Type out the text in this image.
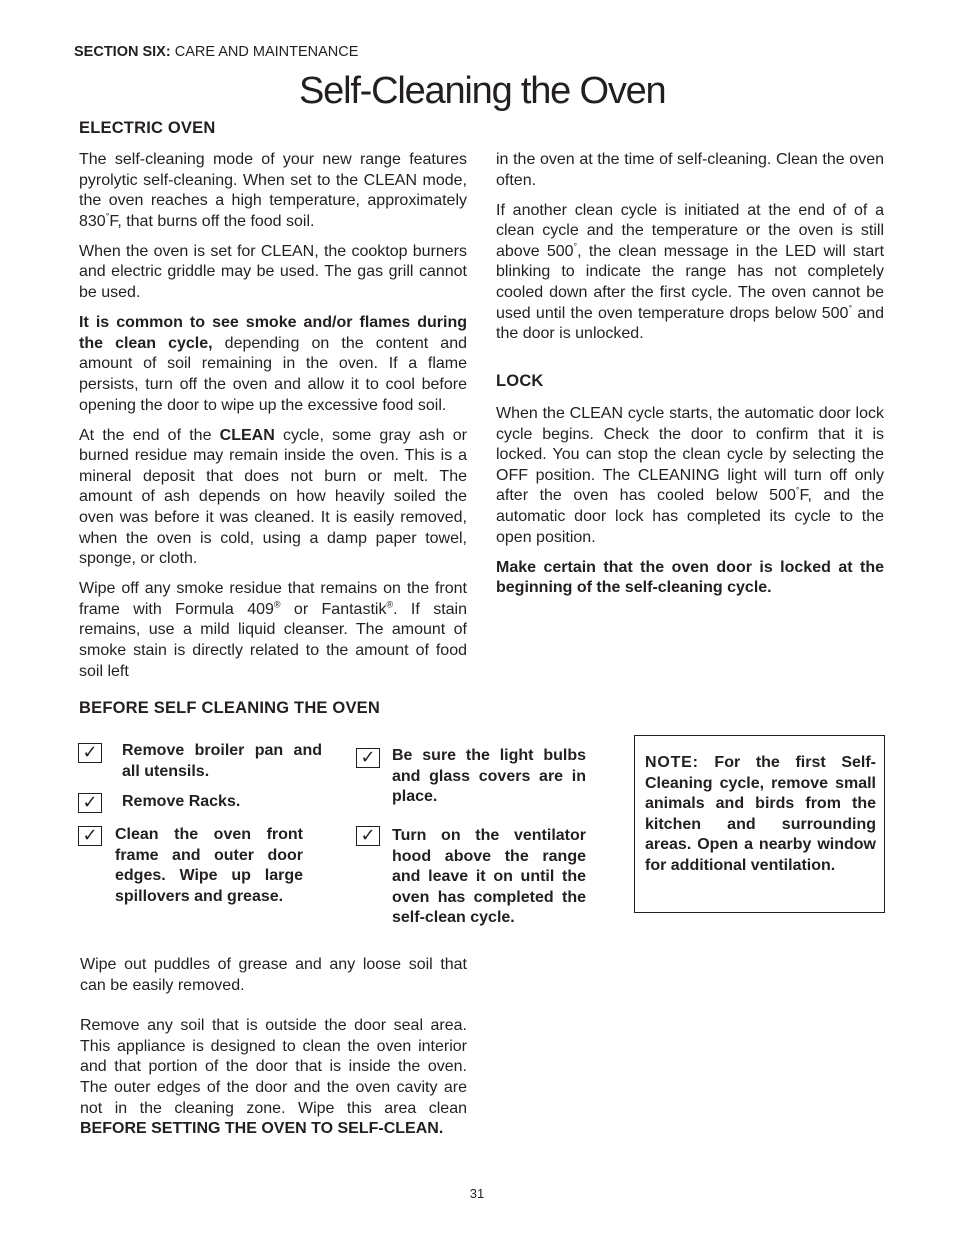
SECTION SIX: CARE AND MAINTENANCE
Self-Cleaning the Oven
ELECTRIC OVEN

The self-cleaning mode of your new range features pyrolytic self-cleaning. When set to the CLEAN mode, the oven reaches a high temperature, approximately 830°F, that burns off the food soil.

When the oven is set for CLEAN, the cooktop burners and electric griddle may be used. The gas grill cannot be used.

It is common to see smoke and/or flames during the clean cycle, depending on the content and amount of soil remaining in the oven. If a flame persists, turn off the oven and allow it to cool before opening the door to wipe up the excessive food soil.

At the end of the CLEAN cycle, some gray ash or burned residue may remain inside the oven. This is a mineral deposit that does not burn or melt. The amount of ash depends on how heavily soiled the oven was before it was cleaned. It is easily removed, when the oven is cold, using a damp paper towel, sponge, or cloth.

Wipe off any smoke residue that remains on the front frame with Formula 409® or Fantastik®. If stain remains, use a mild liquid cleanser. The amount of smoke stain is directly related to the amount of food soil left

in the oven at the time of self-cleaning. Clean the oven often.

If another clean cycle is initiated at the end of of a clean cycle and the temperature or the oven is still above 500°, the clean message in the LED will start blinking to indicate the range has not completely cooled down after the first cycle. The oven cannot be used until the oven temperature drops below 500° and the door is unlocked.

LOCK

When the CLEAN cycle starts, the automatic door lock cycle begins. Check the door to confirm that it is locked. You can stop the clean cycle by selecting the OFF position. The CLEANING light will turn off only after the oven has cooled below 500°F, and the automatic door lock has completed its cycle to the open position.

Make certain that the oven door is locked at the beginning of the self-cleaning cycle.

BEFORE SELF CLEANING THE OVEN
✓ Remove broiler pan and all utensils.
✓ Remove Racks.
✓ Clean the oven front frame and outer door edges. Wipe up large spillovers and grease.
✓ Be sure the light bulbs and glass covers are in place.
✓ Turn on the ventilator hood above the range and leave it on until the oven has completed the self-clean cycle.
NOTE: For the first Self-Cleaning cycle, remove small animals and birds from the kitchen and surrounding areas. Open a nearby window for additional ventilation.

Wipe out puddles of grease and any loose soil that can be easily removed.

Remove any soil that is outside the door seal area. This appliance is designed to clean the oven interior and that portion of the door that is inside the oven. The outer edges of the door and the oven cavity are not in the cleaning zone. Wipe this area clean BEFORE SETTING THE OVEN TO SELF-CLEAN.

31
